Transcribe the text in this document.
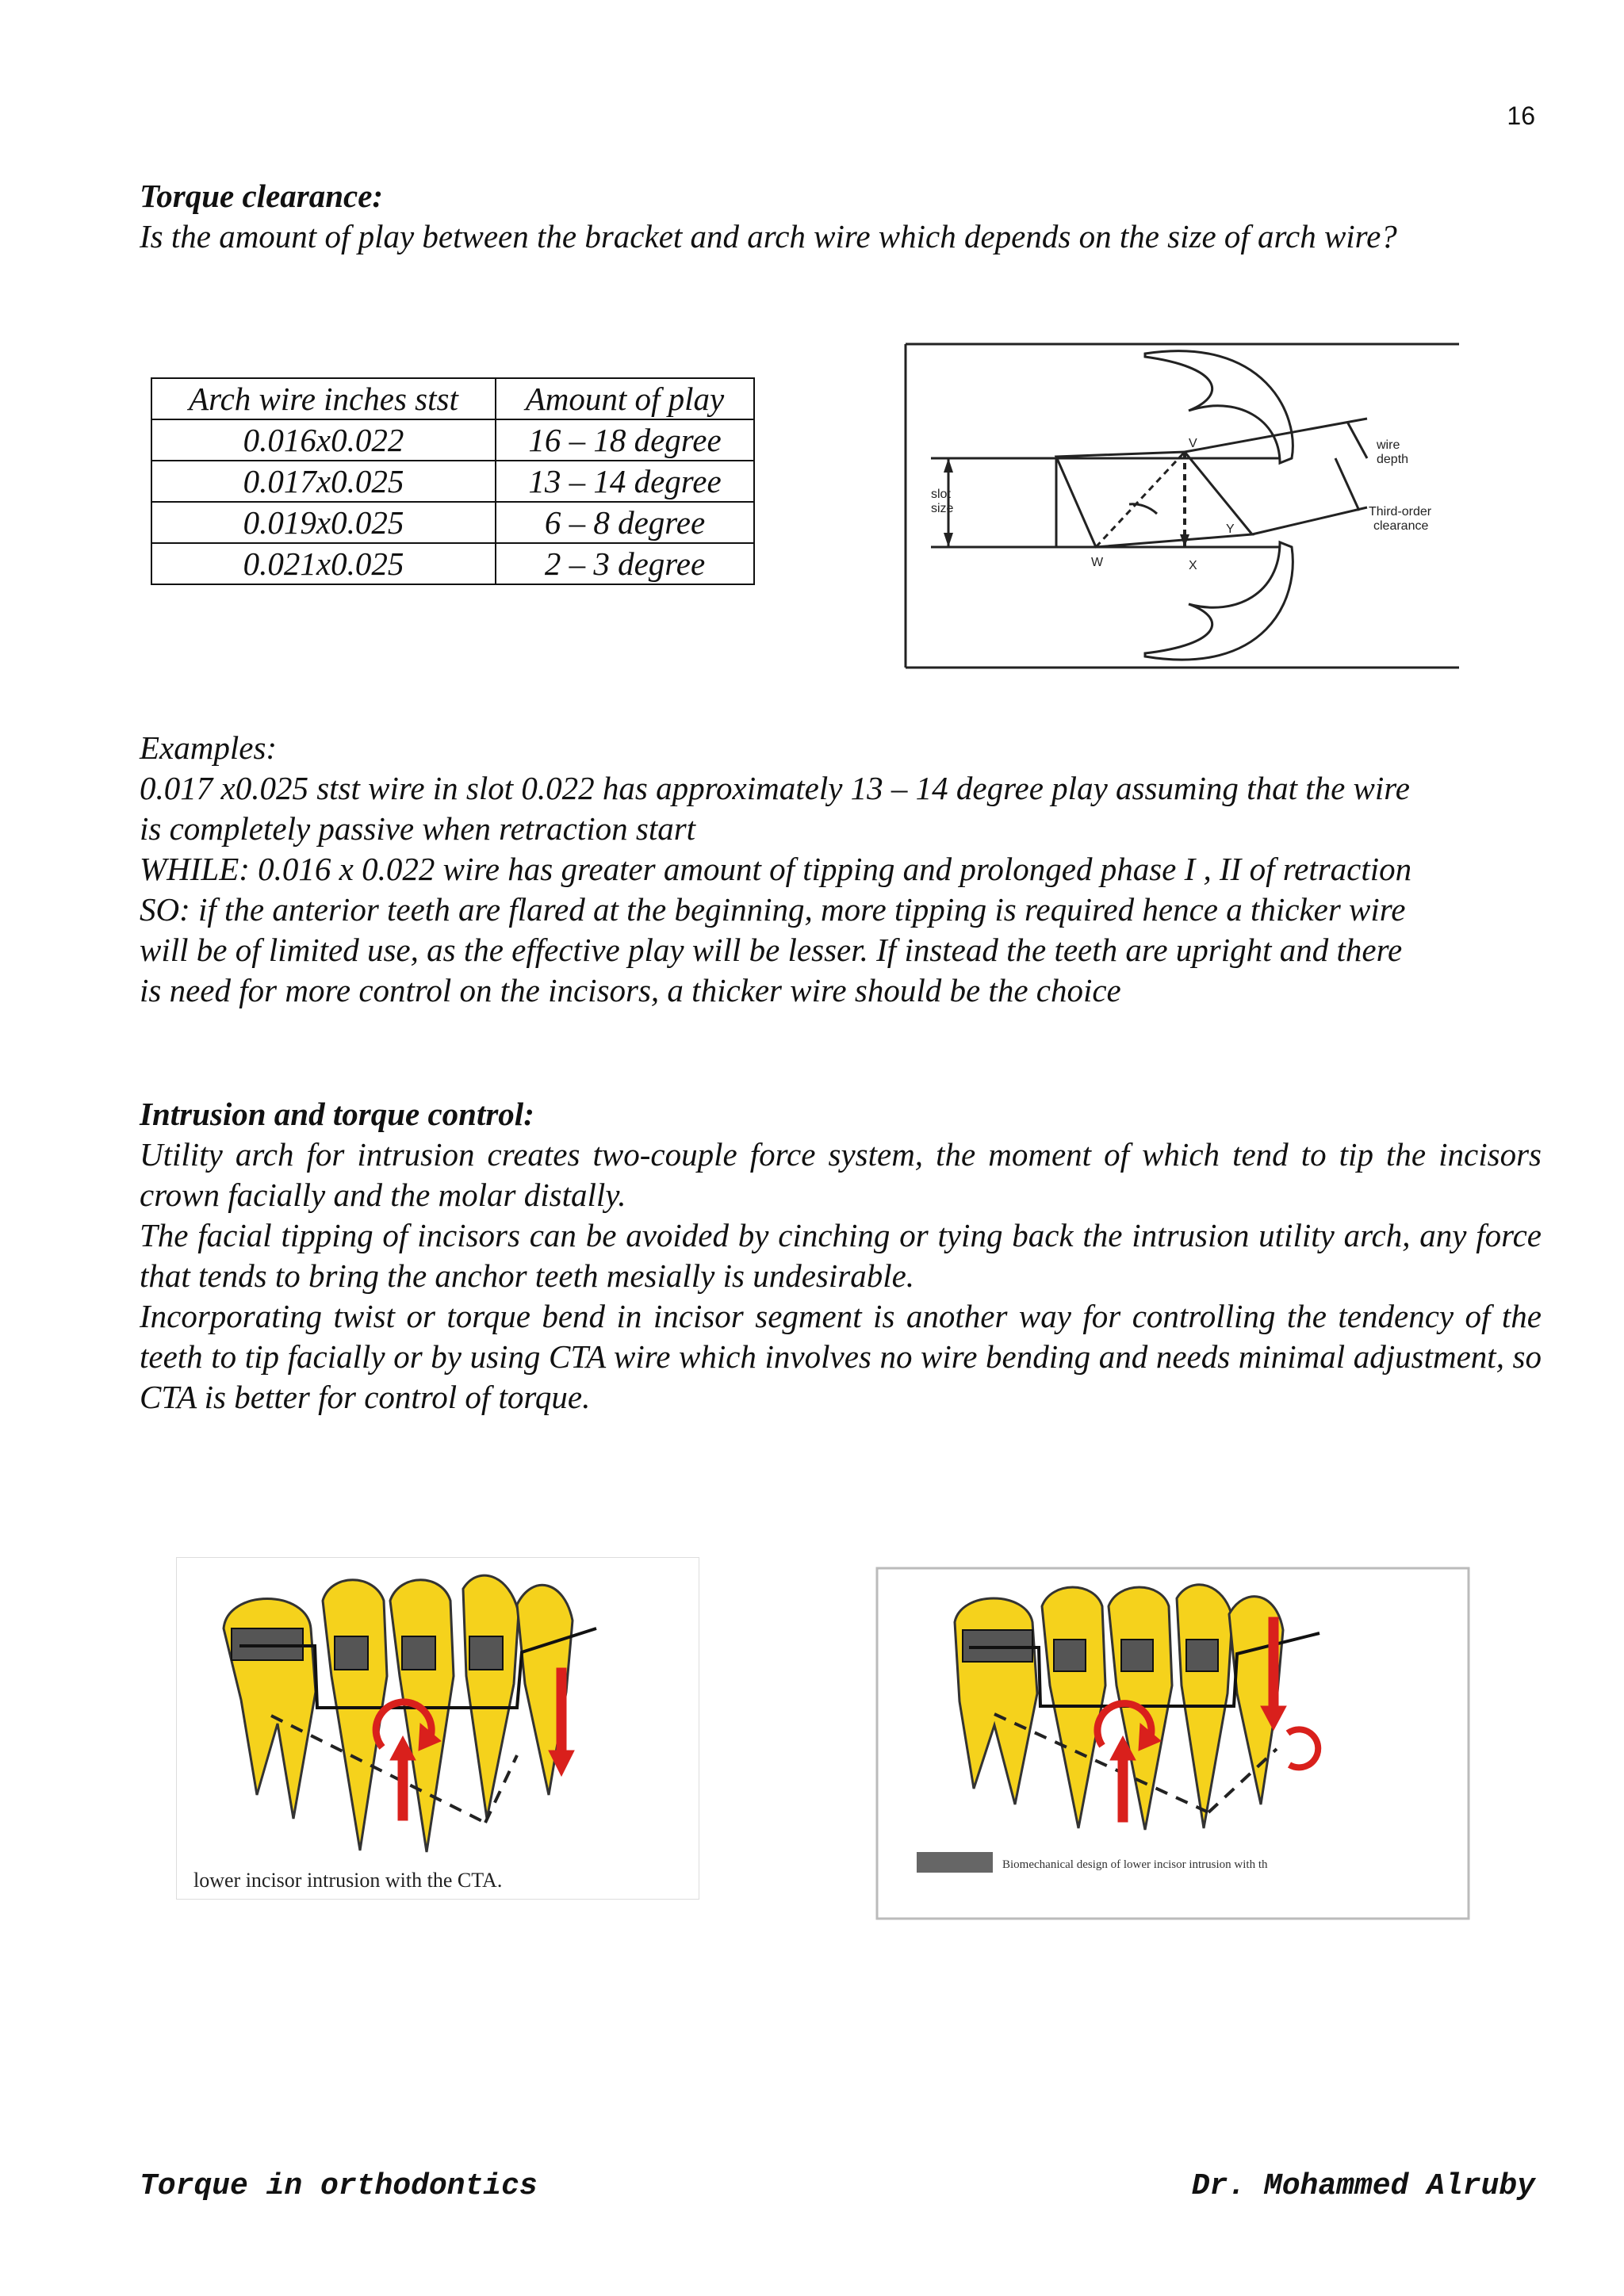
16
Torque clearance:
Is the amount of play between the bracket and arch wire which depends on the size of arch wire?
Arch wire inches stst	Amount of play
0.016x0.022	16 – 18 degree
0.017x0.025	13 – 14 degree
0.019x0.025	6 – 8 degree
0.021x0.025	2 – 3 degree
slot
size
V
W	X
Y
wire
depth
Third-order
clearance
Examples:
0.017 x0.025 stst wire in slot 0.022 has approximately 13 – 14 degree play assuming that the wire
is completely passive when retraction start
WHILE: 0.016 x 0.022 wire has greater amount of tipping and prolonged phase I , II of retraction
SO: if the anterior teeth are flared at the beginning, more tipping is required hence a thicker wire
will be of limited use, as the effective play will be lesser. If instead the teeth are upright and there
is need for more control on the incisors, a thicker wire should be the choice
Intrusion and torque control:
Utility arch for intrusion creates two-couple force system, the moment of which tend to tip the incisors crown facially and the molar distally.
The facial tipping of incisors can be avoided by cinching or tying back the intrusion utility arch, any force that tends to bring the anchor teeth mesially is undesirable.
Incorporating twist or torque bend in incisor segment is another way for controlling the tendency of the teeth to tip facially or by using CTA wire which involves no wire bending and needs minimal adjustment, so CTA is better for control of torque.
lower incisor intrusion with the CTA.
Biomechanical design of lower incisor intrusion with th
Torque in orthodontics	Dr. Mohammed Alruby
